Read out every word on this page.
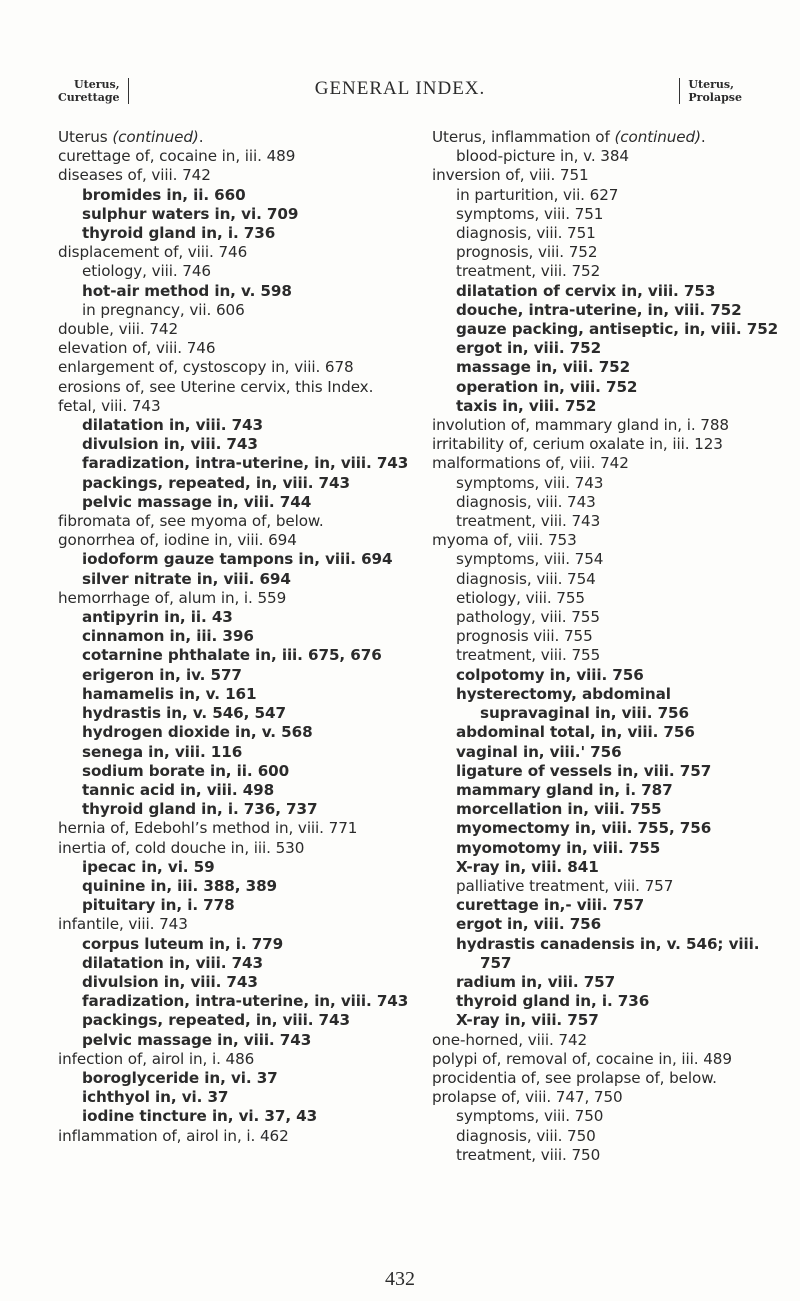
Uterus,
Curettage	GENERAL INDEX.	Uterus,
Prolapse
Uterus (continued).
curettage of, cocaine in, iii. 489
diseases of, viii. 742
bromides in, ii. 660
sulphur waters in, vi. 709
thyroid gland in, i. 736
displacement of, viii. 746
etiology, viii. 746
hot-air method in, v. 598
in pregnancy, vii. 606
double, viii. 742
elevation of, viii. 746
enlargement of, cystoscopy in, viii. 678
erosions of, see Uterine cervix, this Index.
fetal, viii. 743
dilatation in, viii. 743
divulsion in, viii. 743
faradization, intra-uterine, in, viii. 743
packings, repeated, in, viii. 743
pelvic massage in, viii. 744
fibromata of, see myoma of, below.
gonorrhea of, iodine in, viii. 694
iodoform gauze tampons in, viii. 694
silver nitrate in, viii. 694
hemorrhage of, alum in, i. 559
antipyrin in, ii. 43
cinnamon in, iii. 396
cotarnine phthalate in, iii. 675, 676
erigeron in, iv. 577
hamamelis in, v. 161
hydrastis in, v. 546, 547
hydrogen dioxide in, v. 568
senega in, viii. 116
sodium borate in, ii. 600
tannic acid in, viii. 498
thyroid gland in, i. 736, 737
hernia of, Edebohl’s method in, viii. 771
inertia of, cold douche in, iii. 530
ipecac in, vi. 59
quinine in, iii. 388, 389
pituitary in, i. 778
infantile, viii. 743
corpus luteum in, i. 779
dilatation in, viii. 743
divulsion in, viii. 743
faradization, intra-uterine, in, viii. 743
packings, repeated, in, viii. 743
pelvic massage in, viii. 743
infection of, airol in, i. 486
boroglyceride in, vi. 37
ichthyol in, vi. 37
iodine tincture in, vi. 37, 43
inflammation of, airol in, i. 462
Uterus, inflammation of (continued).
blood-picture in, v. 384
inversion of, viii. 751
in parturition, vii. 627
symptoms, viii. 751
diagnosis, viii. 751
prognosis, viii. 752
treatment, viii. 752
dilatation of cervix in, viii. 753
douche, intra-uterine, in, viii. 752
gauze packing, antiseptic, in, viii. 752
ergot in, viii. 752
massage in, viii. 752
operation in, viii. 752
taxis in, viii. 752
involution of, mammary gland in, i. 788
irritability of, cerium oxalate in, iii. 123
malformations of, viii. 742
symptoms, viii. 743
diagnosis, viii. 743
treatment, viii. 743
myoma of, viii. 753
symptoms, viii. 754
diagnosis, viii. 754
etiology, viii. 755
pathology, viii. 755
prognosis viii. 755
treatment, viii. 755
colpotomy in, viii. 756
hysterectomy, abdominal supravaginal in, viii. 756
abdominal total, in, viii. 756
vaginal in, viii.' 756
ligature of vessels in, viii. 757
mammary gland in, i. 787
morcellation in, viii. 755
myomectomy in, viii. 755, 756
myomotomy in, viii. 755
X-ray in, viii. 841
palliative treatment, viii. 757
curettage in,- viii. 757
ergot in, viii. 756
hydrastis canadensis in, v. 546; viii. 757
radium in, viii. 757
thyroid gland in, i. 736
X-ray in, viii. 757
one-horned, viii. 742
polypi of, removal of, cocaine in, iii. 489
procidentia of, see prolapse of, below.
prolapse of, viii. 747, 750
symptoms, viii. 750
diagnosis, viii. 750
treatment, viii. 750
432
